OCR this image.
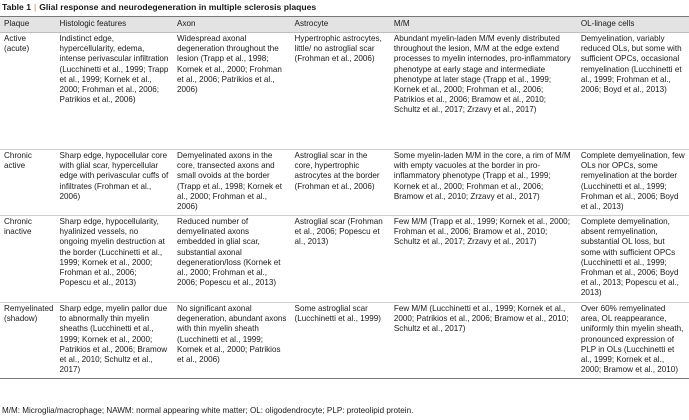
Table 1 | Glial response and neurodegeneration in multiple sclerosis plaques
Plaque	Histologic features	Axon	Astrocyte	M/M	OL-linage cells
Active (acute)	Indistinct edge, hypercellularity, edema, intense perivascular infiltration (Lucchinetti et al., 1999; Trapp et al., 1999; Kornek et al., 2000; Frohman et al., 2006; Patrikios et al., 2006)	Widespread axonal degeneration throughout the lesion (Trapp et al., 1998; Kornek et al., 2000; Frohman et al., 2006; Patrikios et al., 2006)	Hypertrophic astrocytes, little/ no astroglial scar (Frohman et al., 2006)	Abundant myelin-laden M/M evenly distributed throughout the lesion, M/M at the edge extend processes to myelin internodes, pro-inflammatory phenotype at early stage and intermediate phenotype at later stage (Trapp et al., 1999; Kornek et al., 2000; Frohman et al., 2006; Patrikios et al., 2006; Bramow et al., 2010; Schultz et al., 2017; Zrzavy et al., 2017)	Demyelination, variably reduced OLs, but some with sufficient OPCs, occasional remyelination (Lucchinetti et al., 1999; Frohman et al., 2006; Boyd et al., 2013)
Chronic active	Sharp edge, hypocellular core with glial scar, hypercellular edge with perivascular cuffs of infiltrates (Frohman et al., 2006)	Demyelinated axons in the core, transected axons and small ovoids at the border (Trapp et al., 1998; Kornek et al., 2000; Frohman et al., 2006)	Astroglial scar in the core, hypertrophic astrocytes at the border (Frohman et al., 2006)	Some myelin-laden M/M in the core, a rim of M/M with empty vacuoles at the border in pro-inflammatory phenotype (Trapp et al., 1999; Kornek et al., 2000; Frohman et al., 2006; Bramow et al., 2010; Zrzavy et al., 2017)	Complete demyelination, few OLs nor OPCs, some remyelination at the border (Lucchinetti et al., 1999; Frohman et al., 2006; Boyd et al., 2013)
Chronic inactive	Sharp edge, hypocellularity, hyalinized vessels, no ongoing myelin destruction at the border (Lucchinetti et al., 1999; Kornek et al., 2000; Frohman et al., 2006; Popescu et al., 2013)	Reduced number of demyelinated axons embedded in glial scar, substantial axonal degeneration/loss (Kornek et al., 2000; Frohman et al., 2006; Popescu et al., 2013)	Astroglial scar (Frohman et al., 2006; Popescu et al., 2013)	Few M/M (Trapp et al., 1999; Kornek et al., 2000; Frohman et al., 2006; Bramow et al., 2010; Schultz et al., 2017; Zrzavy et al., 2017)	Complete demyelination, absent remyelination, substantial OL loss, but some with sufficient OPCs (Lucchinetti et al., 1999; Frohman et al., 2006; Boyd et al., 2013; Popescu et al., 2013)
Remyelinated (shadow)	Sharp edge, myelin pallor due to abnormally thin myelin sheaths (Lucchinetti et al., 1999; Kornek et al., 2000; Patrikios et al., 2006; Bramow et al., 2010; Schultz et al., 2017)	No significant axonal degeneration, abundant axons with thin myelin sheath (Lucchinetti et al., 1999; Kornek et al., 2000; Patrikios et al., 2006)	Some astroglial scar (Lucchinetti et al., 1999)	Few M/M (Lucchinetti et al., 1999; Kornek et al., 2000; Patrikios et al., 2006; Bramow et al., 2010; Schultz et al., 2017)	Over 60% remyelinated area, OL reappearance, uniformly thin myelin sheath, pronounced expression of PLP in OLs (Lucchinetti et al., 1999; Kornek et al., 2000; Bramow et al., 2010)
M/M: Microglia/macrophage; NAWM: normal appearing white matter; OL: oligodendrocyte; PLP: proteolipid protein.
